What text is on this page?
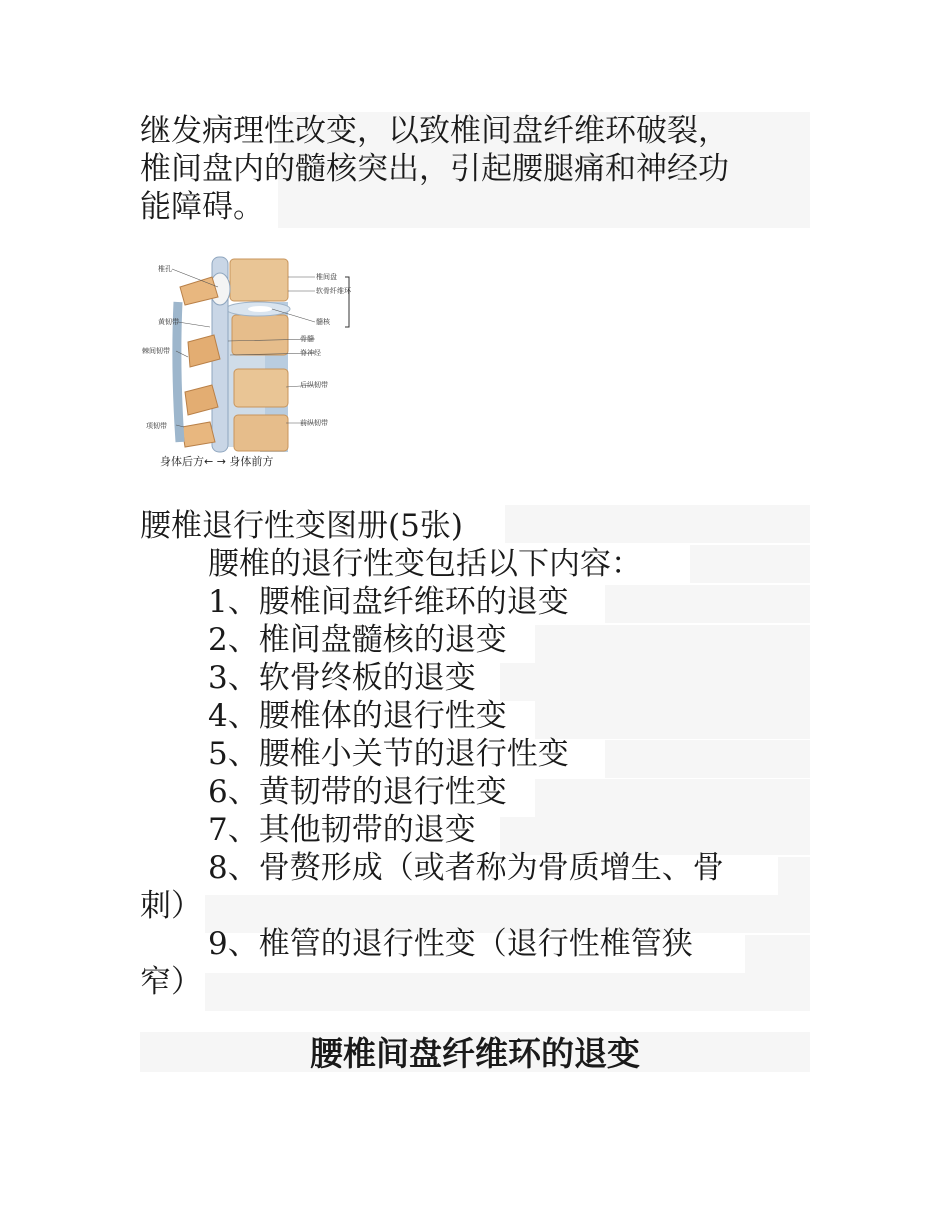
继发病理性改变，以致椎间盘纤维环破裂，
椎间盘内的髓核突出，引起腰腿痛和神经功
能障碍。
椎孔
黄韧带
棘间韧带
项韧带
椎间盘
软骨纤维环
髓核
骨髓
脊神经
后纵韧带
前纵韧带
身体后方← → 身体前方
腰椎退行性变图册(5张)
腰椎的退行性变包括以下内容：
1、腰椎间盘纤维环的退变
2、椎间盘髓核的退变
3、软骨终板的退变
4、腰椎体的退行性变
5、腰椎小关节的退行性变
6、黄韧带的退行性变
7、其他韧带的退变
8、骨赘形成（或者称为骨质增生、骨
刺）
9、椎管的退行性变（退行性椎管狭
窄）
腰椎间盘纤维环的退变
